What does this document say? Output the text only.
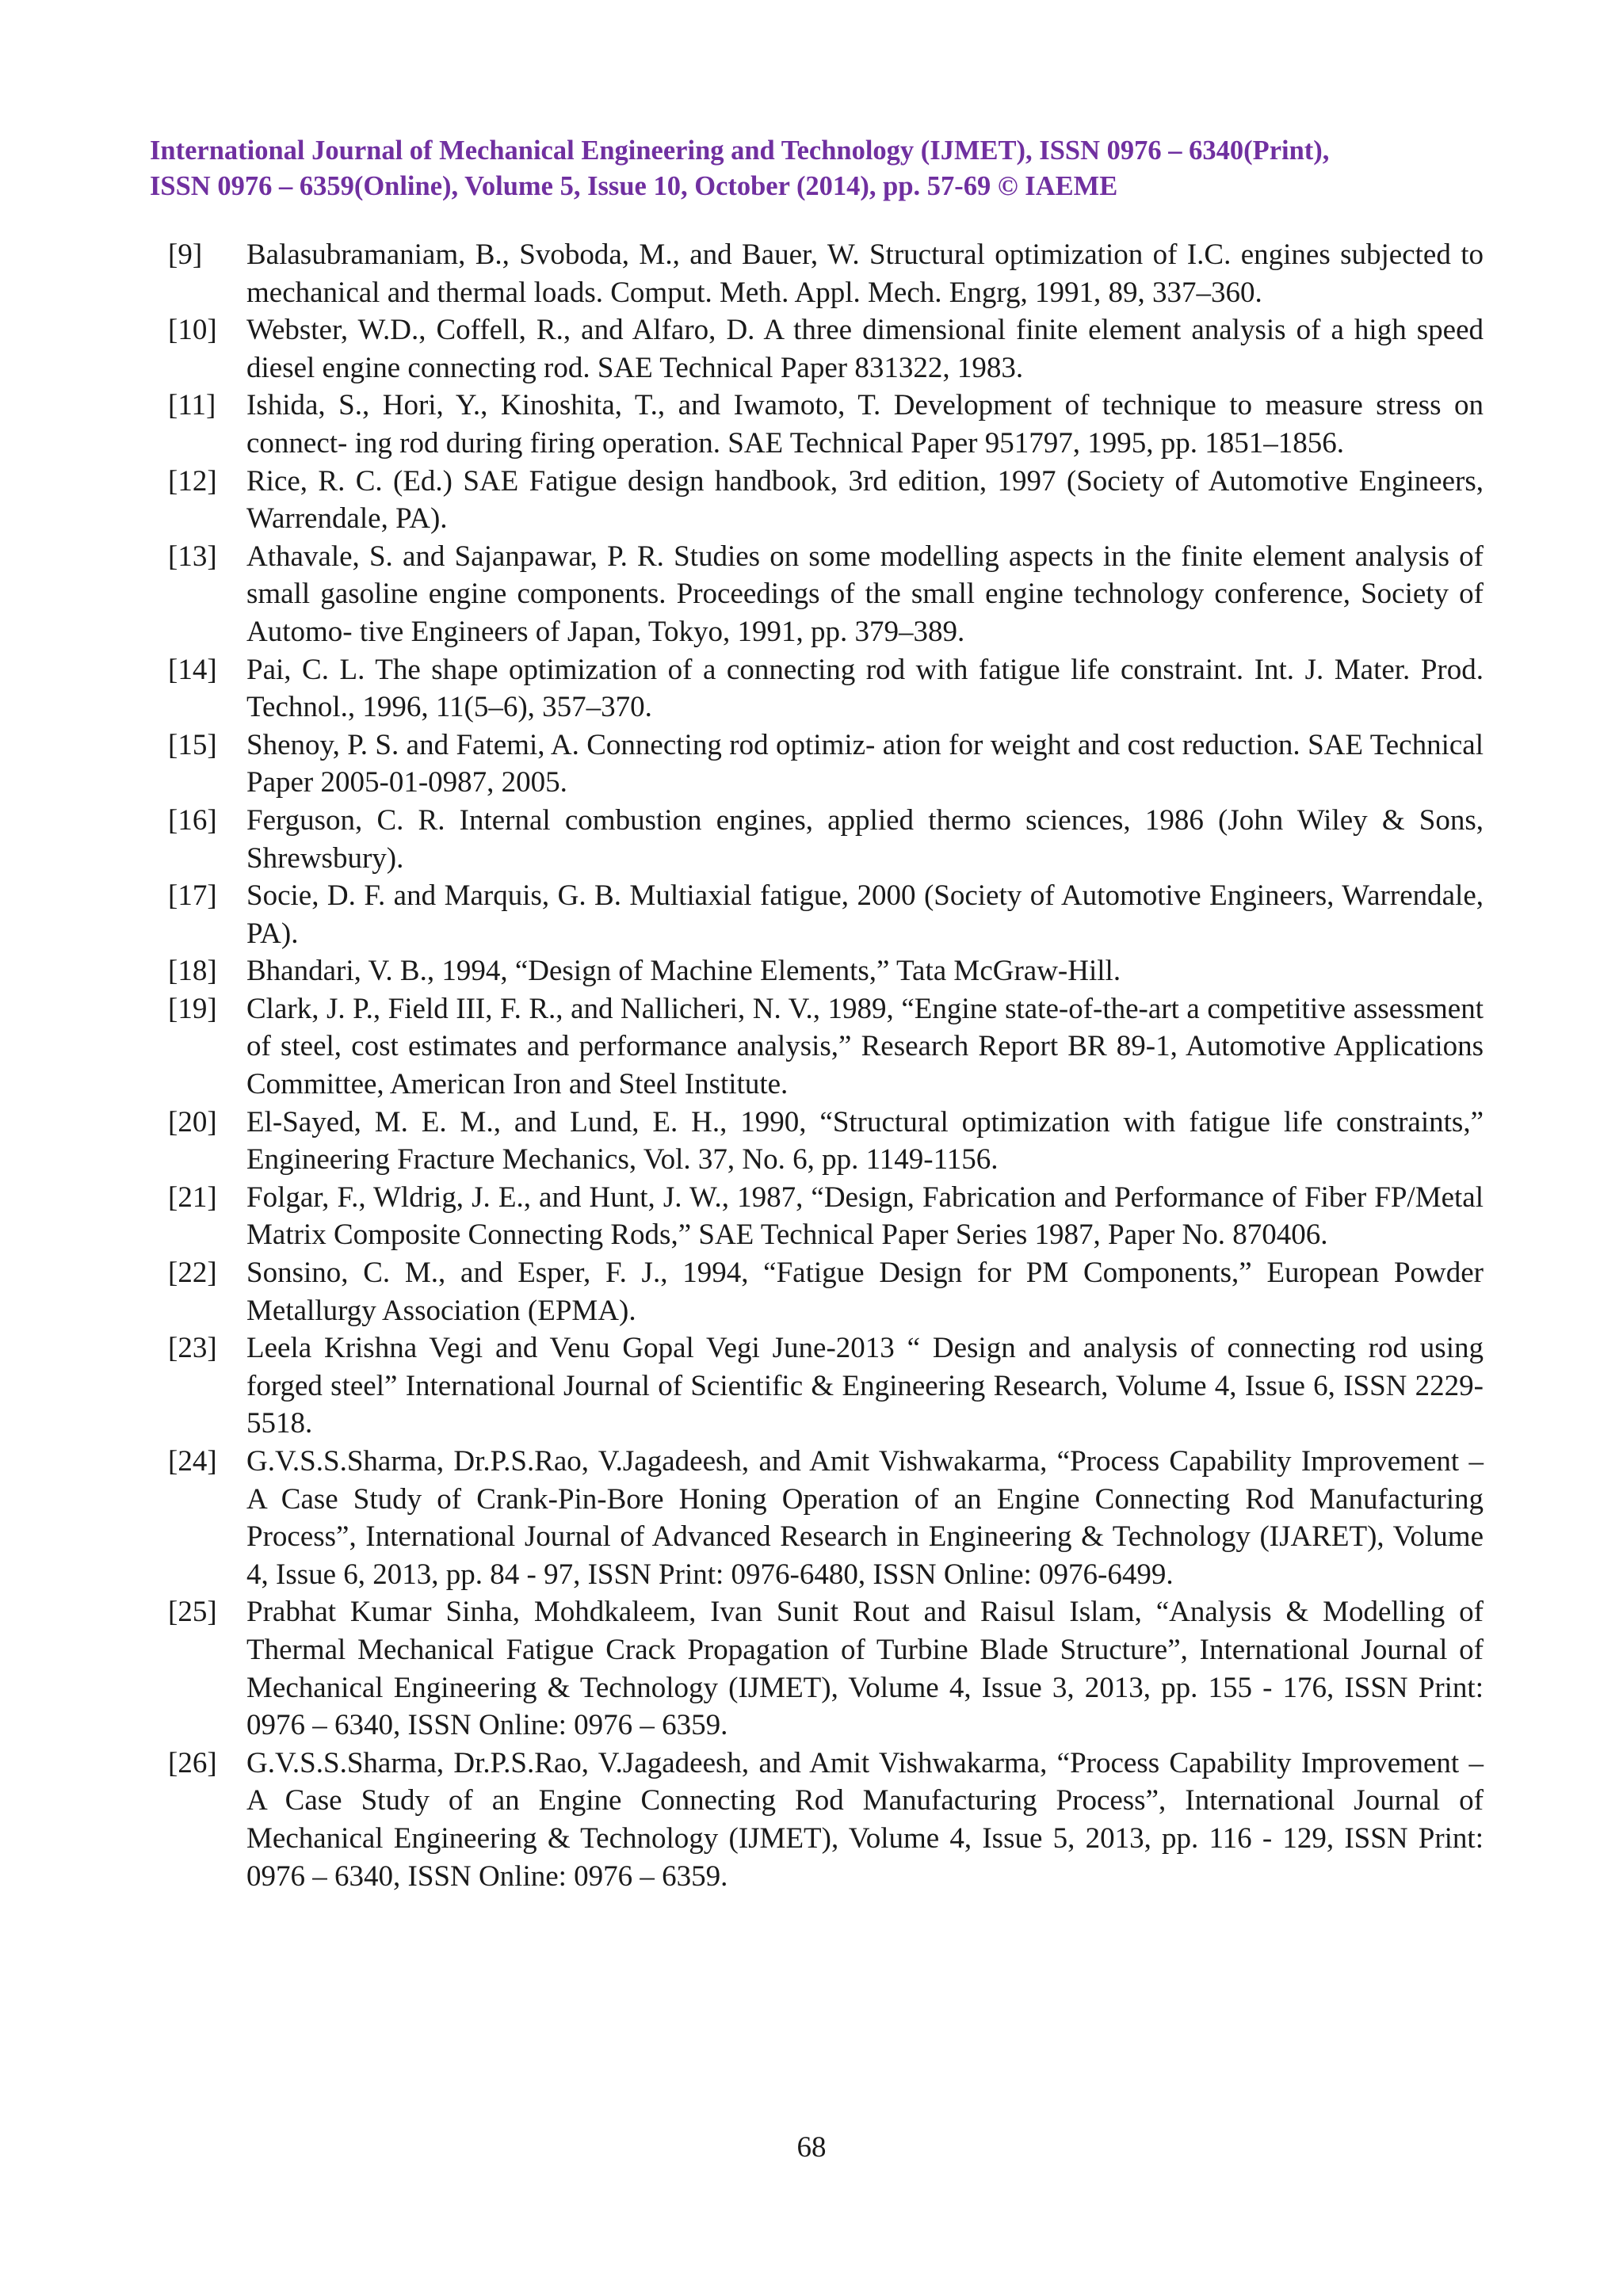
International Journal of Mechanical Engineering and Technology (IJMET), ISSN 0976 – 6340(Print),
ISSN 0976 – 6359(Online), Volume 5, Issue 10, October (2014), pp. 57-69 © IAEME
[9]	Balasubramaniam, B., Svoboda, M., and Bauer, W. Structural optimization of I.C. engines subjected to mechanical and thermal loads. Comput. Meth. Appl. Mech. Engrg, 1991, 89, 337–360.
[10]	Webster, W.D., Coffell, R., and Alfaro, D. A three dimensional finite element analysis of a high speed diesel engine connecting rod. SAE Technical Paper 831322, 1983.
[11]	Ishida, S., Hori, Y., Kinoshita, T., and Iwamoto, T. Development of technique to measure stress on connect- ing rod during firing operation. SAE Technical Paper 951797, 1995, pp. 1851–1856.
[12]	Rice, R. C. (Ed.) SAE Fatigue design handbook, 3rd edition, 1997 (Society of Automotive Engineers, Warrendale, PA).
[13]	Athavale, S. and Sajanpawar, P. R. Studies on some modelling aspects in the finite element analysis of small gasoline engine components. Proceedings of the small engine technology conference, Society of Automo- tive Engineers of Japan, Tokyo, 1991, pp. 379–389.
[14]	Pai, C. L. The shape optimization of a connecting rod with fatigue life constraint. Int. J. Mater. Prod. Technol., 1996, 11(5–6), 357–370.
[15]	Shenoy, P. S. and Fatemi, A. Connecting rod optimiz- ation for weight and cost reduction. SAE Technical Paper 2005-01-0987, 2005.
[16]	Ferguson, C. R. Internal combustion engines, applied thermo sciences, 1986 (John Wiley & Sons, Shrewsbury).
[17]	Socie, D. F. and Marquis, G. B. Multiaxial fatigue, 2000 (Society of Automotive Engineers, Warrendale, PA).
[18]	Bhandari, V. B., 1994, “Design of Machine Elements,” Tata McGraw-Hill.
[19]	Clark, J. P., Field III, F. R., and Nallicheri, N. V., 1989, “Engine state-of-the-art a competitive assessment of steel, cost estimates and performance analysis,” Research Report BR 89-1, Automotive Applications Committee, American Iron and Steel Institute.
[20]	El-Sayed, M. E. M., and Lund, E. H., 1990, “Structural optimization with fatigue life constraints,” Engineering Fracture Mechanics, Vol. 37, No. 6, pp. 1149-1156.
[21]	Folgar, F., Wldrig, J. E., and Hunt, J. W., 1987, “Design, Fabrication and Performance of Fiber FP/Metal Matrix Composite Connecting Rods,” SAE Technical Paper Series 1987, Paper No. 870406.
[22]	Sonsino, C. M., and Esper, F. J., 1994, “Fatigue Design for PM Components,” European Powder Metallurgy Association (EPMA).
[23]	Leela Krishna Vegi and Venu Gopal Vegi June-2013 “ Design and analysis of connecting rod using forged steel” International Journal of Scientific & Engineering Research, Volume 4, Issue 6, ISSN 2229-5518.
[24]	G.V.S.S.Sharma, Dr.P.S.Rao, V.Jagadeesh, and Amit Vishwakarma, “Process Capability Improvement – A Case Study of Crank-Pin-Bore Honing Operation of an Engine Connecting Rod Manufacturing Process”, International Journal of Advanced Research in Engineering & Technology (IJARET), Volume 4, Issue 6, 2013, pp. 84 - 97, ISSN Print: 0976-6480, ISSN Online: 0976-6499.
[25]	Prabhat Kumar Sinha, Mohdkaleem, Ivan Sunit Rout and Raisul Islam, “Analysis & Modelling of Thermal Mechanical Fatigue Crack Propagation of Turbine Blade Structure”, International Journal of Mechanical Engineering & Technology (IJMET), Volume 4, Issue 3, 2013, pp. 155 - 176, ISSN Print: 0976 – 6340, ISSN Online: 0976 – 6359.
[26]	G.V.S.S.Sharma, Dr.P.S.Rao, V.Jagadeesh, and Amit Vishwakarma, “Process Capability Improvement – A Case Study of an Engine Connecting Rod Manufacturing Process”, International Journal of Mechanical Engineering & Technology (IJMET), Volume 4, Issue 5, 2013, pp. 116 - 129, ISSN Print: 0976 – 6340, ISSN Online: 0976 – 6359.
68
